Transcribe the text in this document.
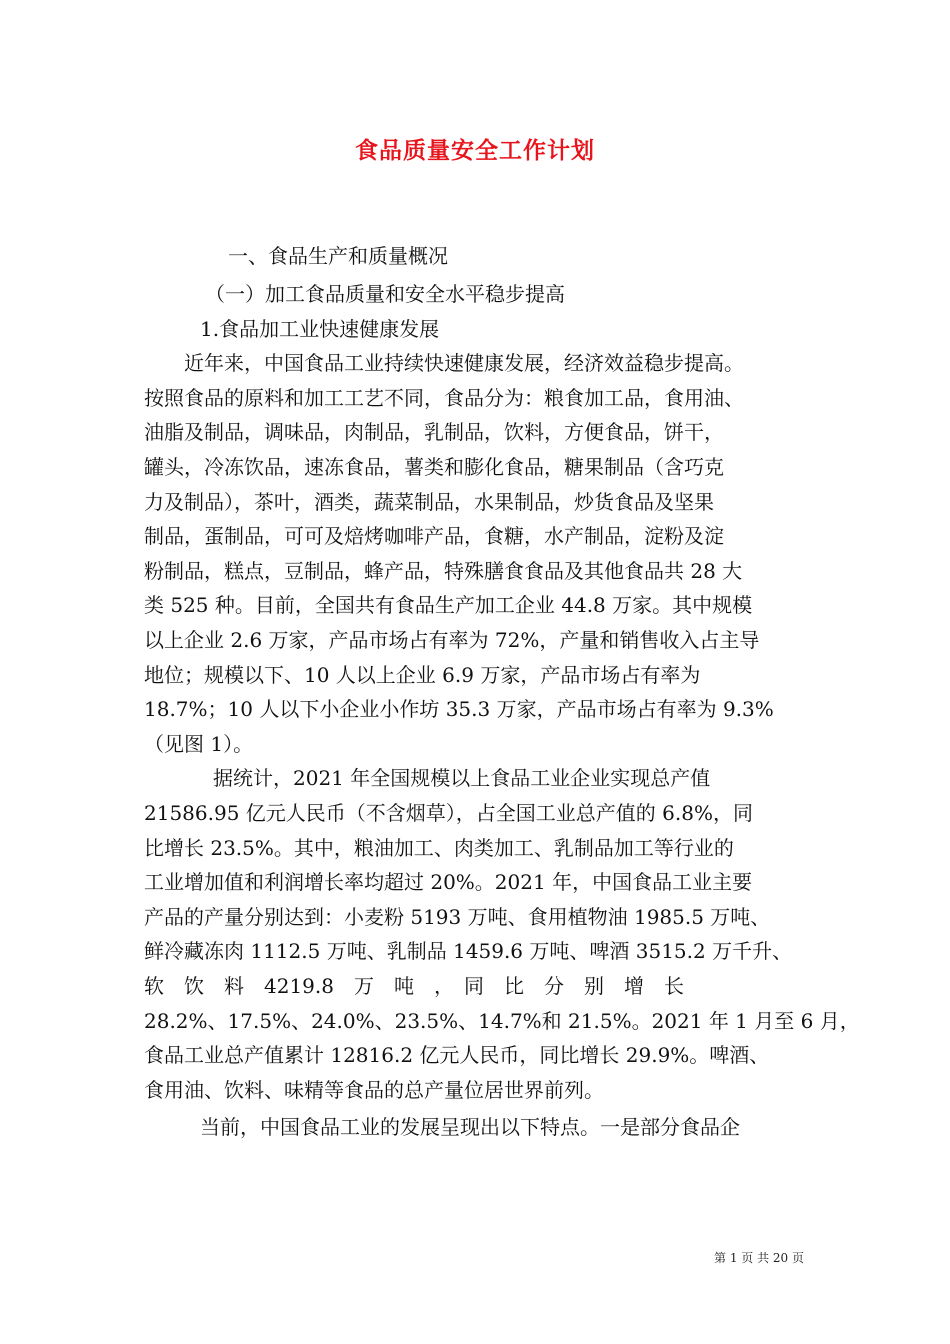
食品质量安全工作计划
一、食品生产和质量概况
（一）加工食品质量和安全水平稳步提高
1.食品加工业快速健康发展
近年来，中国食品工业持续快速健康发展，经济效益稳步提高。
按照食品的原料和加工工艺不同，食品分为：粮食加工品，食用油、
油脂及制品，调味品，肉制品，乳制品，饮料，方便食品，饼干，
罐头，冷冻饮品，速冻食品，薯类和膨化食品，糖果制品（含巧克
力及制品），茶叶，酒类，蔬菜制品，水果制品，炒货食品及坚果
制品，蛋制品，可可及焙烤咖啡产品，食糖，水产制品，淀粉及淀
粉制品，糕点，豆制品，蜂产品，特殊膳食食品及其他食品共 28 大
类 525 种。目前，全国共有食品生产加工企业 44.8 万家。其中规模
以上企业 2.6 万家，产品市场占有率为 72%，产量和销售收入占主导
地位；规模以下、10 人以上企业 6.9 万家，产品市场占有率为
18.7%；10 人以下小企业小作坊 35.3 万家，产品市场占有率为 9.3%
（见图 1）。
据统计，2021 年全国规模以上食品工业企业实现总产值
21586.95 亿元人民币（不含烟草），占全国工业总产值的 6.8%，同
比增长 23.5%。其中，粮油加工、肉类加工、乳制品加工等行业的
工业增加值和利润增长率均超过 20%。2021 年，中国食品工业主要
产品的产量分别达到：小麦粉 5193 万吨、食用植物油 1985.5 万吨、
鲜冷藏冻肉 1112.5 万吨、乳制品 1459.6 万吨、啤酒 3515.2 万千升、
软　饮　料　4219.8　万　吨　，　同　比　分　别　增　长
28.2%、17.5%、24.0%、23.5%、14.7%和 21.5%。2021 年 1 月至 6 月，
食品工业总产值累计 12816.2 亿元人民币，同比增长 29.9%。啤酒、
食用油、饮料、味精等食品的总产量位居世界前列。
当前，中国食品工业的发展呈现出以下特点。一是部分食品企
第 1 页 共 20 页
